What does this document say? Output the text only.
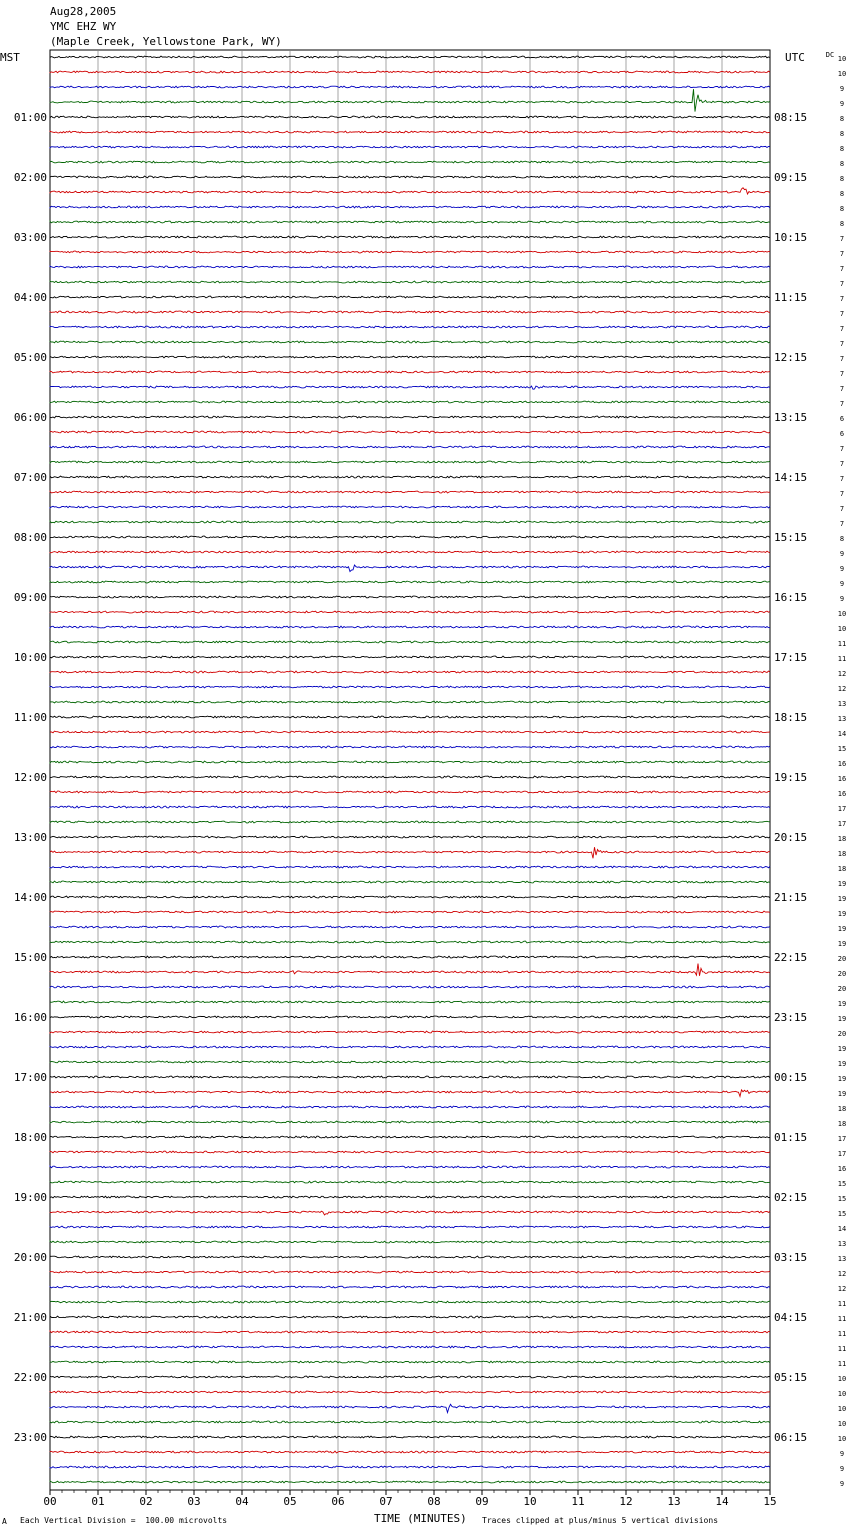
Aug28,2005
YMC EHZ WY
(Maple Creek, Yellowstone Park, WY)
MST	UTC	10
10
9
9
8
8
8
8
8
8
8
8
7
7
7
7
7
7
7
7
7
7
7
7
6
6
7
7
7
7
7
7
8
9
9
9
9
10
10
11
11
12
12
13
13
14
15
16
16
16
17
17
18
18
18
19
19
19
19
19
20
20
20
19
19
20
19
19
19
19
18
18
17
17
16
15
15
15
14
13
13
12
12
11
11
11
11
11
10
10
10
10
10
9
9
9
DC
01:00
02:00
03:00
04:00
05:00
06:00
07:00
08:00
09:00
10:00
11:00
12:00
13:00
14:00
15:00
16:00
17:00
18:00
19:00
20:00
21:00
22:00
23:00
08:15
09:15
10:15
11:15
12:15
13:15
14:15
15:15
16:15
17:15
18:15
19:15
20:15
21:15
22:15
23:15
00:15
01:15
02:15
03:15
04:15
05:15
06:15
00	01	02	03	04	05	06	07	08	09	10	11	12	13	14	15
A Each Vertical Division =  100.00 microvolts	TIME (MINUTES) Traces clipped at plus/minus 5 vertical divisions
